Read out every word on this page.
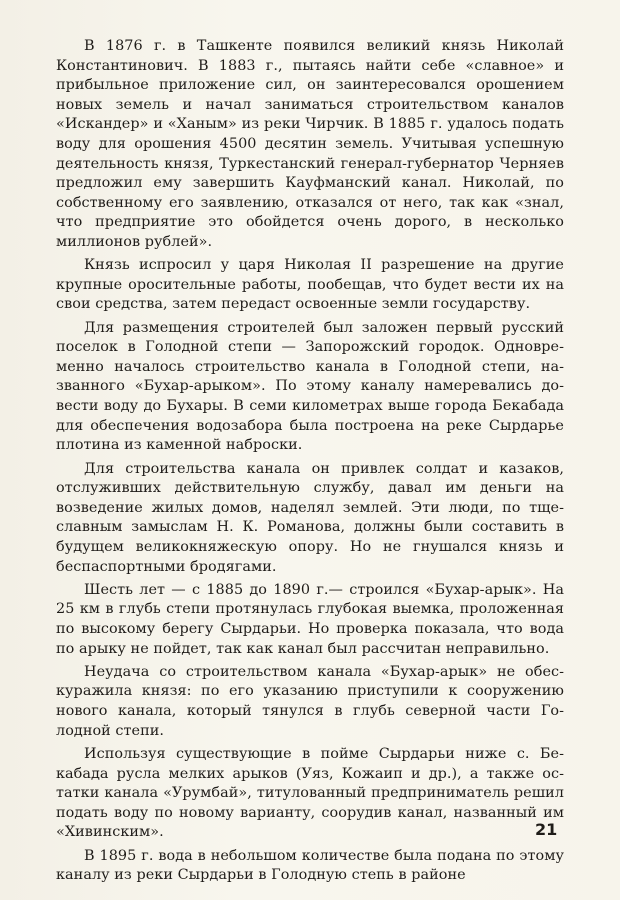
В 1876 г. в Ташкенте появился великий князь Николай Константинович. В 1883 г., пытаясь найти себе «славное» и прибыльное приложение сил, он заинтересовался орошением новых земель и начал заниматься строительством каналов «Искандер» и «Ханым» из реки Чирчик. В 1885 г. удалось подать воду для орошения 4500 десятин земель. Учитывая успешную деятельность князя, Туркестанский генерал-губернатор Черняев предложил ему завершить Кауфманский канал. Николай, по собственному его заявлению, отказался от него, так как «знал, что предприятие это обойдется очень дорого, в несколько миллионов рублей».

Князь испросил у царя Николая II разрешение на другие крупные оросительные работы, пообещав, что будет вести их на свои средства, затем передаст освоенные земли государству.

Для размещения строителей был заложен первый русский поселок в Голодной степи — Запорожский городок. Одновременно началось строительство канала в Голодной степи, названного «Бухар-арыком». По этому каналу намеревались довести воду до Бухары. В семи километрах выше города Бекабада для обеспечения водозабора была построена на реке Сырдарье плотина из каменной наброски.

Для строительства канала он привлек солдат и казаков, отслуживших действительную службу, давал им деньги на возведение жилых домов, наделял землей. Эти люди, по тщеславным замыслам Н. К. Романова, должны были составить в будущем великокняжескую опору. Но не гнушался князь и беспаспортными бродягами.

Шесть лет — с 1885 до 1890 г.— строился «Бухар-арык». На 25 км в глубь степи протянулась глубокая выемка, проложенная по высокому берегу Сырдарьи. Но проверка показала, что вода по арыку не пойдет, так как канал был рассчитан неправильно.

Неудача со строительством канала «Бухар-арык» не обескуражила князя: по его указанию приступили к сооружению нового канала, который тянулся в глубь северной части Голодной степи.

Используя существующие в пойме Сырдарьи ниже с. Бекабада русла мелких арыков (Уяз, Кожаип и др.), а также остатки канала «Урумбай», титулованный предприниматель решил подать воду по новому варианту, соорудив канал, названный им «Хивинским».

В 1895 г. вода в небольшом количестве была подана по этому каналу из реки Сырдарьи в Голодную степь в районе

21
